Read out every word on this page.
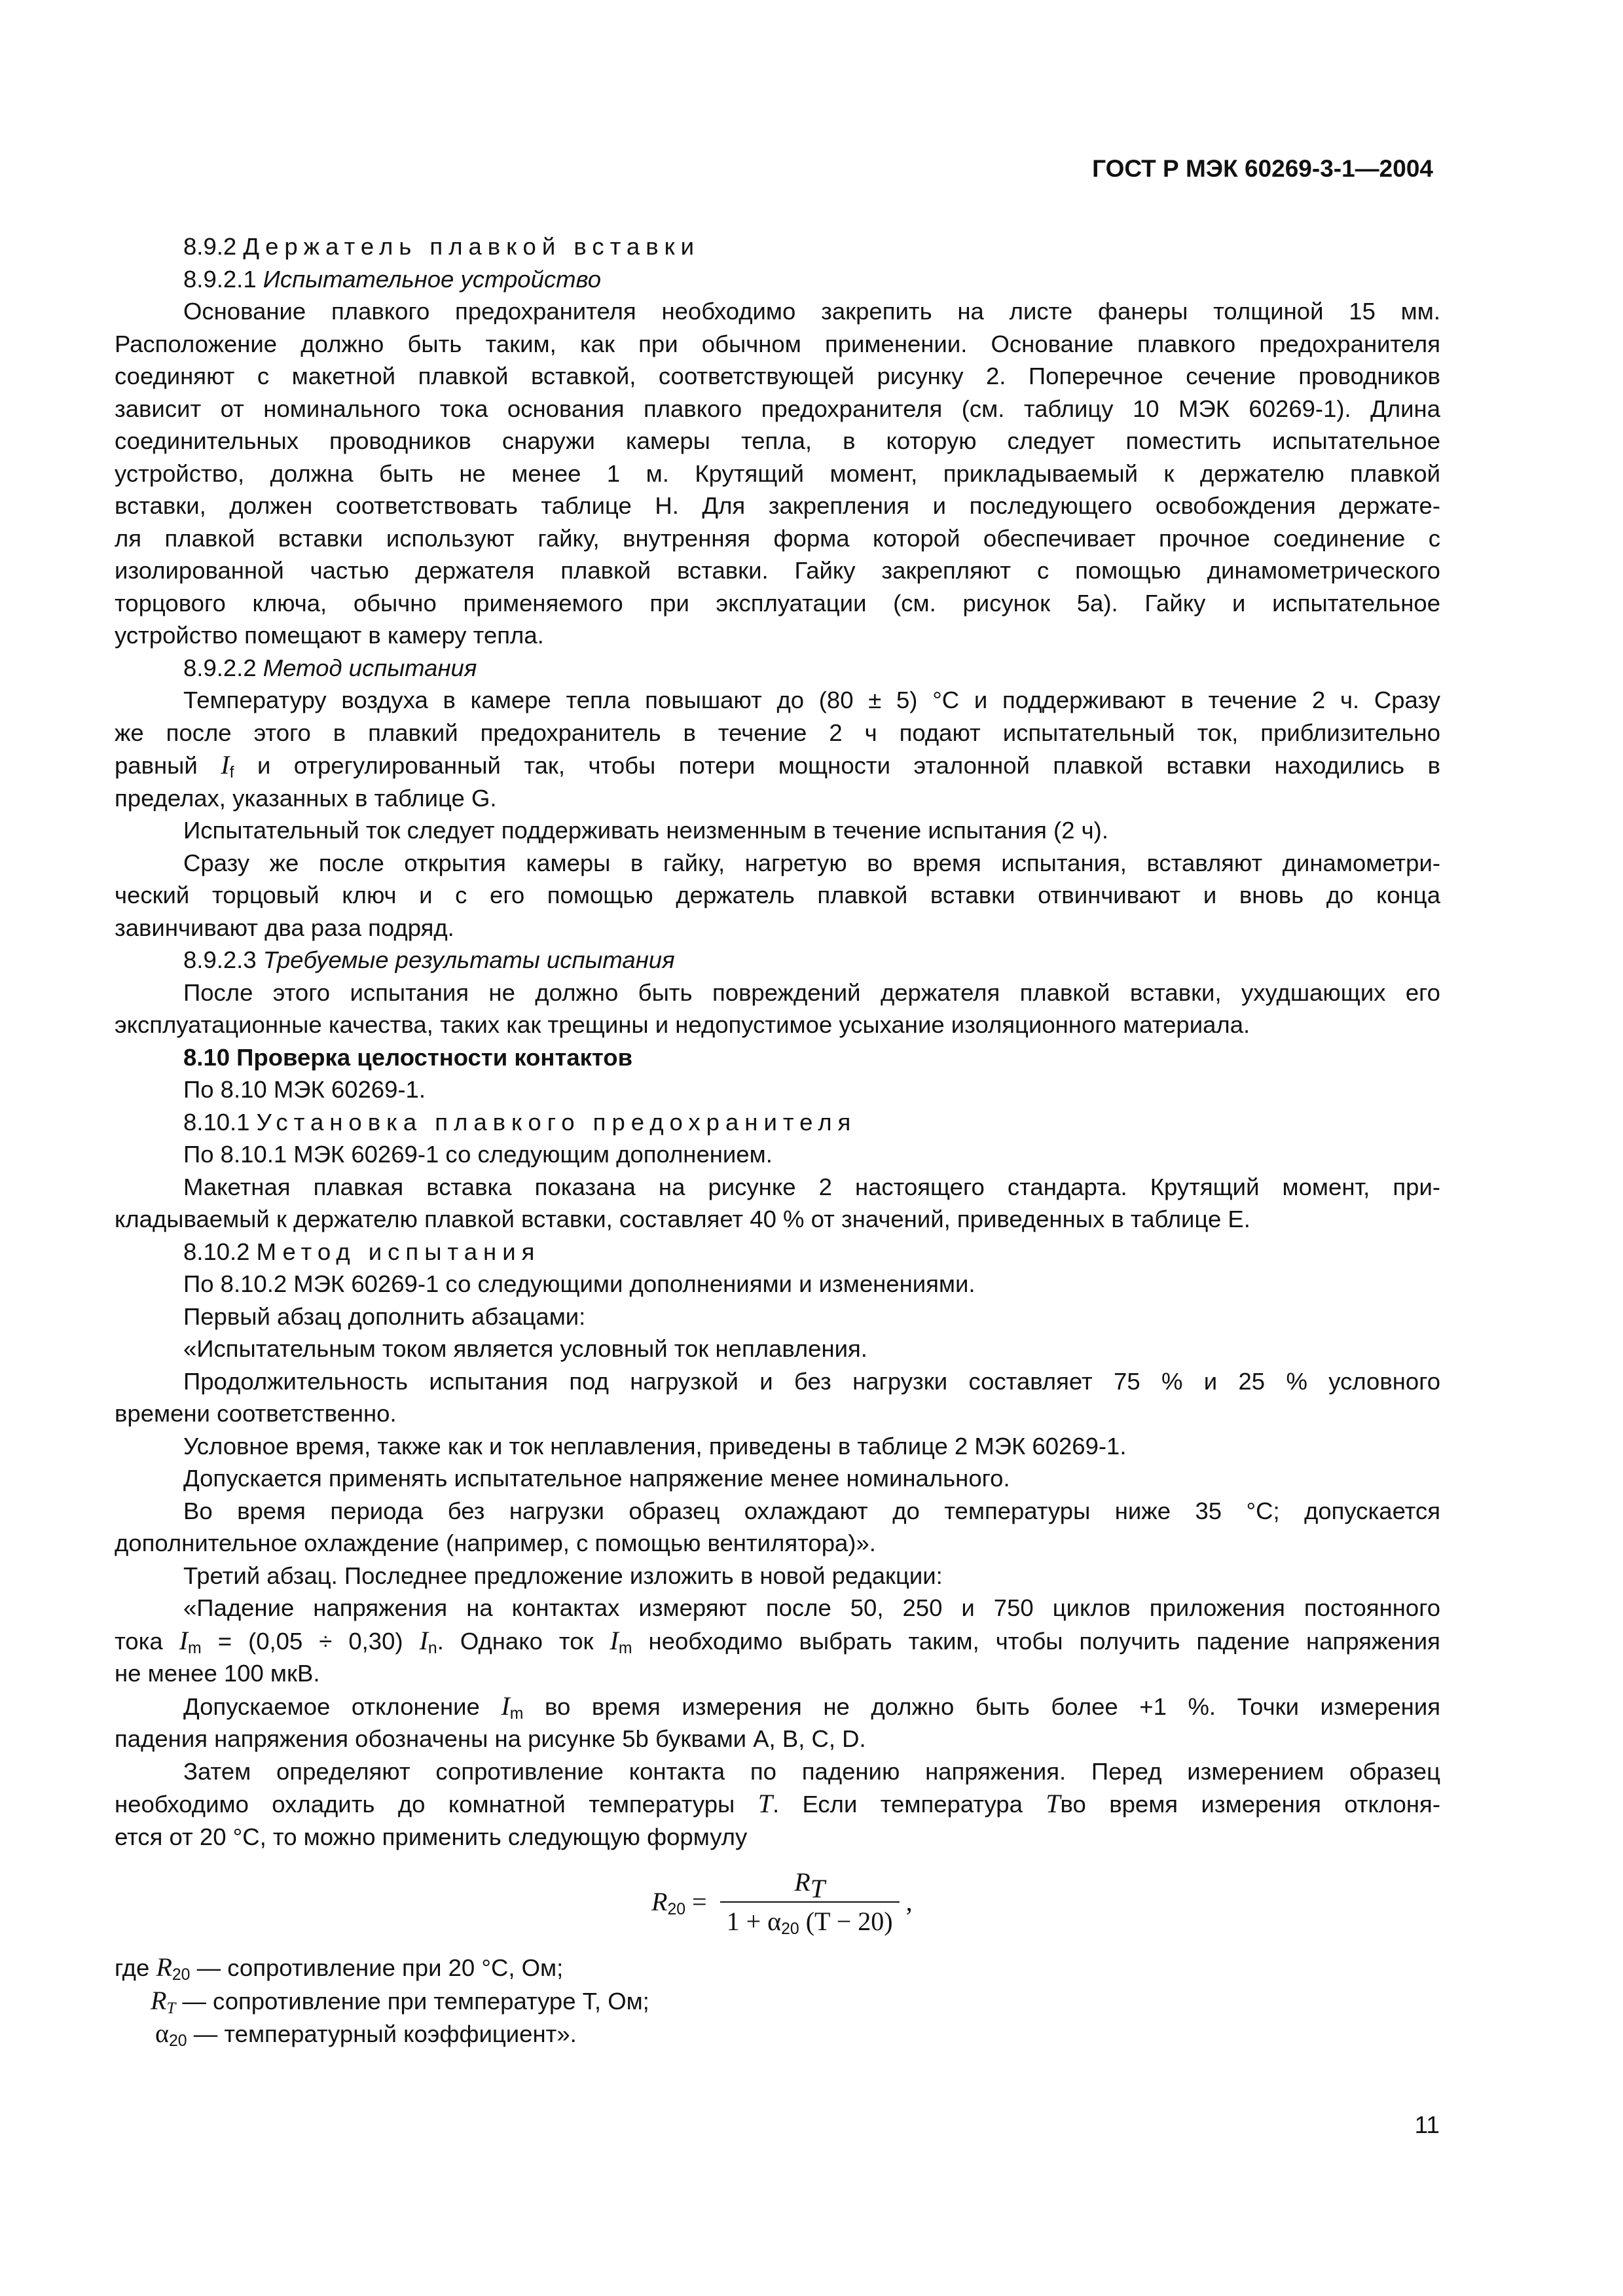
ГОСТ Р МЭК 60269-3-1—2004

8.9.2 Держатель плавкой вставки

8.9.2.1 Испытательное устройство

Основание плавкого предохранителя необходимо закрепить на листе фанеры толщиной 15 мм.

Расположение должно быть таким, как при обычном применении. Основание плавкого предохранителя

соединяют с макетной плавкой вставкой, соответствующей рисунку 2. Поперечное сечение проводников

зависит от номинального тока основания плавкого предохранителя (см. таблицу 10 МЭК 60269-1). Длина

соединительных проводников снаружи камеры тепла, в которую следует поместить испытательное

устройство, должна быть не менее 1 м. Крутящий момент, прикладываемый к держателю плавкой

вставки, должен соответствовать таблице H. Для закрепления и последующего освобождения держате-

ля плавкой вставки используют гайку, внутренняя форма которой обеспечивает прочное соединение с

изолированной частью держателя плавкой вставки. Гайку закрепляют с помощью динамометрического

торцового ключа, обычно применяемого при эксплуатации (см. рисунок 5a). Гайку и испытательное

устройство помещают в камеру тепла.

8.9.2.2 Метод испытания

Температуру воздуха в камере тепла повышают до (80 ± 5) °С и поддерживают в течение 2 ч. Сразу

же после этого в плавкий предохранитель в течение 2 ч подают испытательный ток, приблизительно

равный $I_f$ и отрегулированный так, чтобы потери мощности эталонной плавкой вставки находились в

пределах, указанных в таблице G.

Испытательный ток следует поддерживать неизменным в течение испытания (2 ч).

Сразу же после открытия камеры в гайку, нагретую во время испытания, вставляют динамометри-

ческий торцовый ключ и с его помощью держатель плавкой вставки отвинчивают и вновь до конца

завинчивают два раза подряд.

8.9.2.3 Требуемые результаты испытания

После этого испытания не должно быть повреждений держателя плавкой вставки, ухудшающих его

эксплуатационные качества, таких как трещины и недопустимое усыхание изоляционного материала.

8.10 Проверка целостности контактов

По 8.10 МЭК 60269-1.

8.10.1 Установка плавкого предохранителя

По 8.10.1 МЭК 60269-1 со следующим дополнением.

Макетная плавкая вставка показана на рисунке 2 настоящего стандарта. Крутящий момент, при-

кладываемый к держателю плавкой вставки, составляет 40 % от значений, приведенных в таблице E.

8.10.2 Метод испытания

По 8.10.2 МЭК 60269-1 со следующими дополнениями и изменениями.

Первый абзац дополнить абзацами:

«Испытательным током является условный ток неплавления.

Продолжительность испытания под нагрузкой и без нагрузки составляет 75 % и 25 % условного

времени соответственно.

Условное время, также как и ток неплавления, приведены в таблице 2 МЭК 60269-1.

Допускается применять испытательное напряжение менее номинального.

Во время периода без нагрузки образец охлаждают до температуры ниже 35 °С; допускается

дополнительное охлаждение (например, с помощью вентилятора)».

Третий абзац. Последнее предложение изложить в новой редакции:

«Падение напряжения на контактах измеряют после 50, 250 и 750 циклов приложения постоянного

тока $I_m = (0,05 \div 0,30)$ $I_n$. Однако ток $I_m$ необходимо выбрать таким, чтобы получить падение напряжения

не менее 100 мкВ.

Допускаемое отклонение $I_m$ во время измерения не должно быть более +1 %. Точки измерения

падения напряжения обозначены на рисунке 5b буквами A, B, C, D.

Затем определяют сопротивление контакта по падению напряжения. Перед измерением образец

необходимо охладить до комнатной температуры T. Если температура Tво время измерения отклоня-

ется от 20 °С, то можно применить следующую формулу

$R_{20} = \frac{R_T}{1 + \alpha_{20} (T - 20)}$ ,

где $R_{20}$ — сопротивление при 20 °С, Ом;

$R_T$ — сопротивление при температуре T, Ом;

$\alpha_{20}$ — температурный коэффициент».

11
